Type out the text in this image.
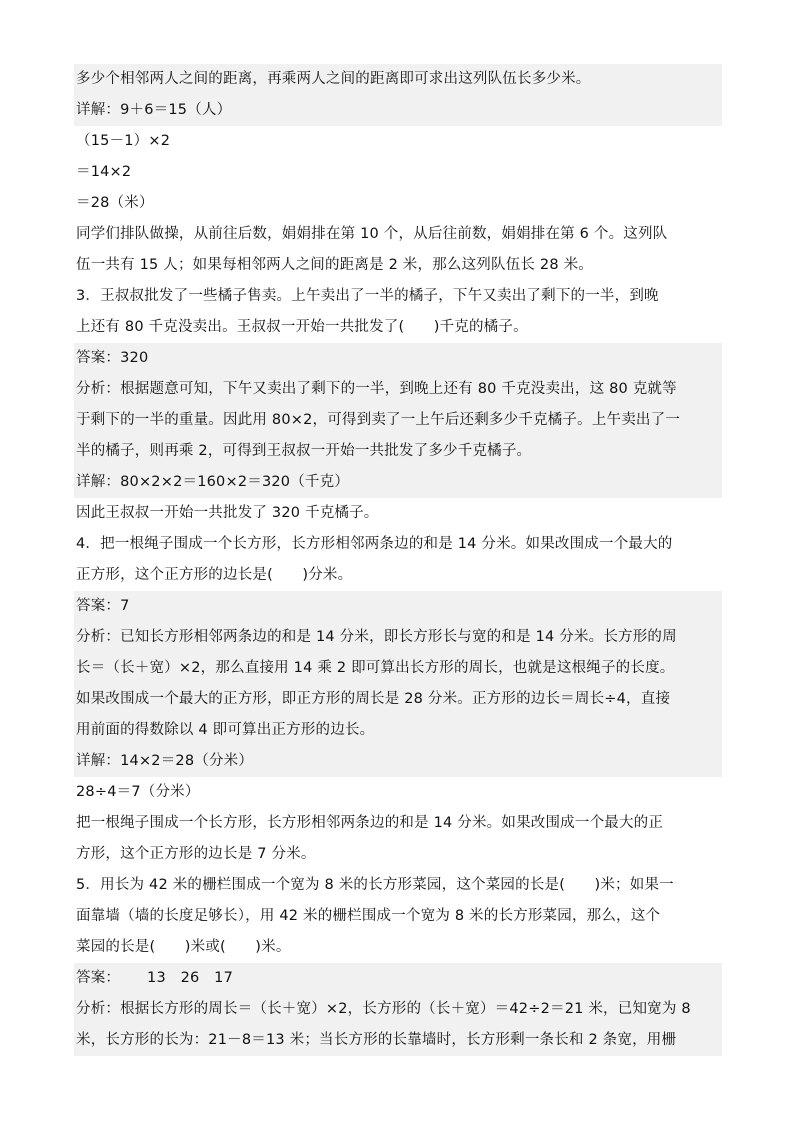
多少个相邻两人之间的距离，再乘两人之间的距离即可求出这列队伍长多少米。
详解：9＋6＝15（人）
（15－1）×2
＝14×2
＝28（米）
同学们排队做操，从前往后数，娟娟排在第 10 个，从后往前数，娟娟排在第 6 个。这列队
伍一共有 15 人；如果每相邻两人之间的距离是 2 米，那么这列队伍长 28 米。
3．王叔叔批发了一些橘子售卖。上午卖出了一半的橘子，下午又卖出了剩下的一半，到晚
上还有 80 千克没卖出。王叔叔一开始一共批发了(　　)千克的橘子。
答案：320
分析：根据题意可知，下午又卖出了剩下的一半，到晚上还有 80 千克没卖出，这 80 克就等
于剩下的一半的重量。因此用 80×2，可得到卖了一上午后还剩多少千克橘子。上午卖出了一
半的橘子，则再乘 2，可得到王叔叔一开始一共批发了多少千克橘子。
详解：80×2×2＝160×2＝320（千克）
因此王叔叔一开始一共批发了 320 千克橘子。
4．把一根绳子围成一个长方形，长方形相邻两条边的和是 14 分米。如果改围成一个最大的
正方形，这个正方形的边长是(　　)分米。
答案：7
分析：已知长方形相邻两条边的和是 14 分米，即长方形长与宽的和是 14 分米。长方形的周
长＝（长＋宽）×2，那么直接用 14 乘 2 即可算出长方形的周长，也就是这根绳子的长度。
如果改围成一个最大的正方形，即正方形的周长是 28 分米。正方形的边长＝周长÷4，直接
用前面的得数除以 4 即可算出正方形的边长。
详解：14×2＝28（分米）
28÷4＝7（分米）
把一根绳子围成一个长方形，长方形相邻两条边的和是 14 分米。如果改围成一个最大的正
方形，这个正方形的边长是 7 分米。
5．用长为 42 米的栅栏围成一个宽为 8 米的长方形菜园，这个菜园的长是(　　)米；如果一
面靠墙（墙的长度足够长），用 42 米的栅栏围成一个宽为 8 米的长方形菜园，那么，这个
菜园的长是(　　)米或(　　)米。
答案：　　 13　26　17
分析：根据长方形的周长＝（长＋宽）×2，长方形的（长＋宽）＝42÷2＝21 米，已知宽为 8
米，长方形的长为：21－8＝13 米；当长方形的长靠墙时，长方形剩一条长和 2 条宽，用栅
